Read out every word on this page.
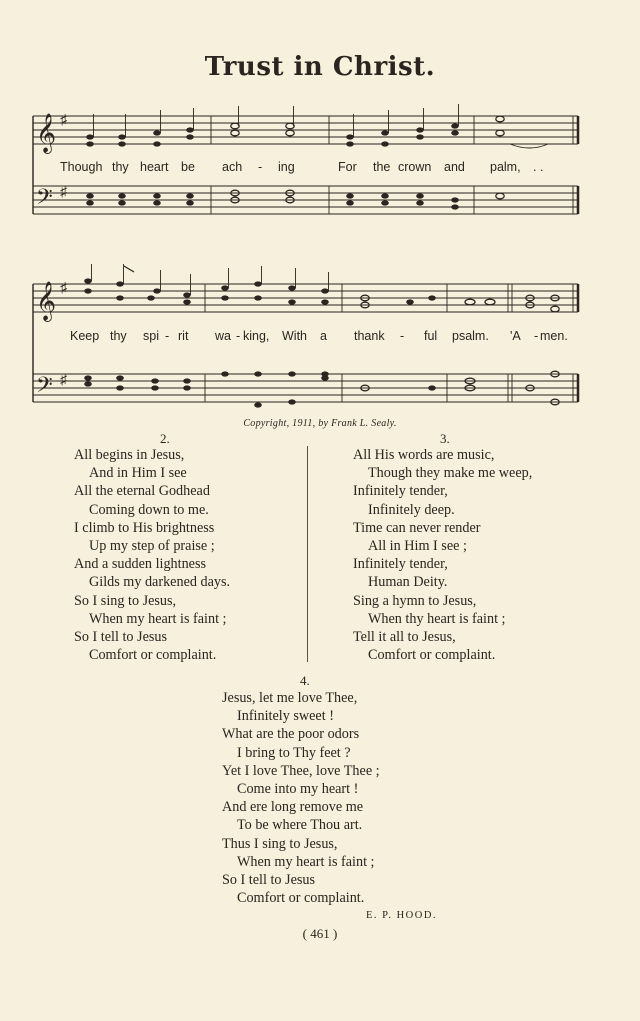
Trust in Christ.
𝄞 ♯
𝄢 ♯
Though thy heart be ach - ing	For the crown and palm, . .
𝄞 ♯
𝄢 ♯
Keep thy spi - rit wa - king, With a thank - ful psalm. 'A - men.
Copyright, 1911, by Frank L. Sealy.
2.	3.
All begins in Jesus,
And in Him I see
All the eternal Godhead
Coming down to me.
I climb to His brightness
Up my step of praise ;
And a sudden lightness
Gilds my darkened days.
So I sing to Jesus,
When my heart is faint ;
So I tell to Jesus
Comfort or complaint.
All His words are music,
Though they make me weep,
Infinitely tender,
Infinitely deep.
Time can never render
All in Him I see ;
Infinitely tender,
Human Deity.
Sing a hymn to Jesus,
When thy heart is faint ;
Tell it all to Jesus,
Comfort or complaint.
4.
Jesus, let me love Thee,
Infinitely sweet !
What are the poor odors
I bring to Thy feet ?
Yet I love Thee, love Thee ;
Come into my heart !
And ere long remove me
To be where Thou art.
Thus I sing to Jesus,
When my heart is faint ;
So I tell to Jesus
Comfort or complaint.
E. P. HOOD.
( 461 )
